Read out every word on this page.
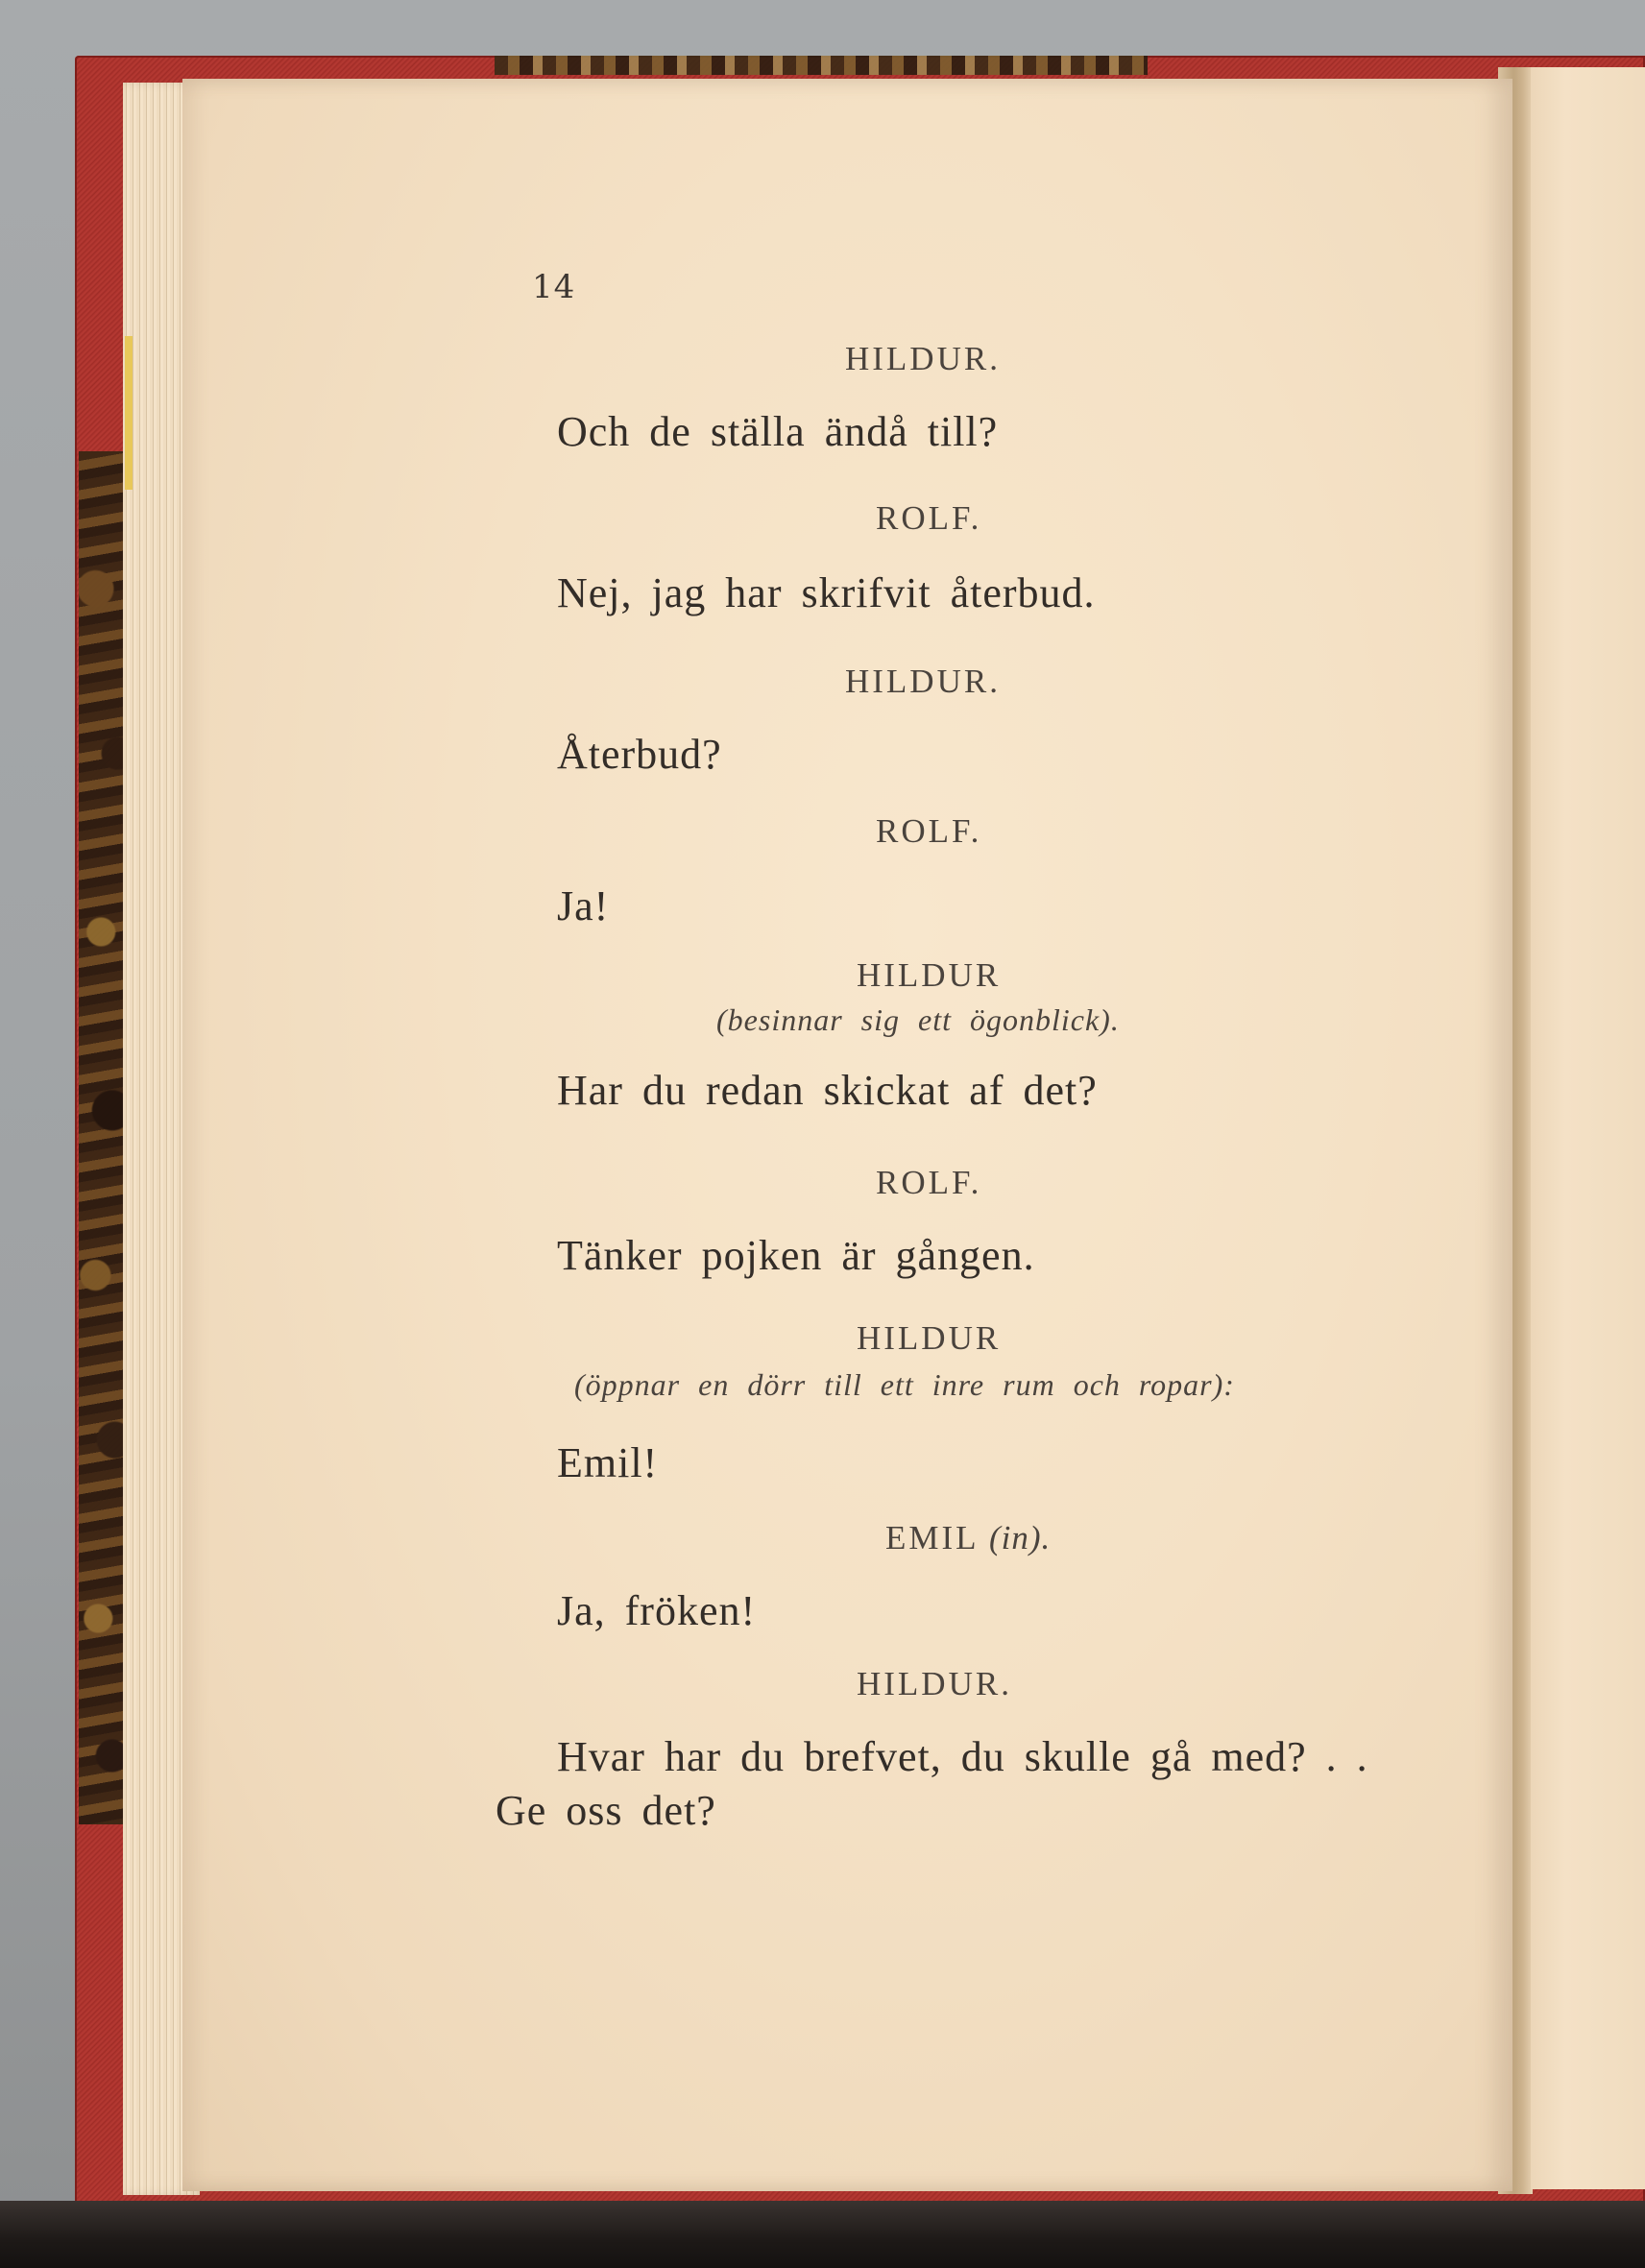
14
HILDUR.
Och de ställa ändå till?
ROLF.
Nej, jag har skrifvit återbud.
HILDUR.
Återbud?
ROLF.
Ja!
HILDUR
(besinnar sig ett ögonblick).
Har du redan skickat af det?
ROLF.
Tänker pojken är gången.
HILDUR
(öppnar en dörr till ett inre rum och ropar):
Emil!
EMIL (in).
Ja, fröken!
HILDUR.
Hvar har du brefvet, du skulle gå med? . .
Ge oss det?
